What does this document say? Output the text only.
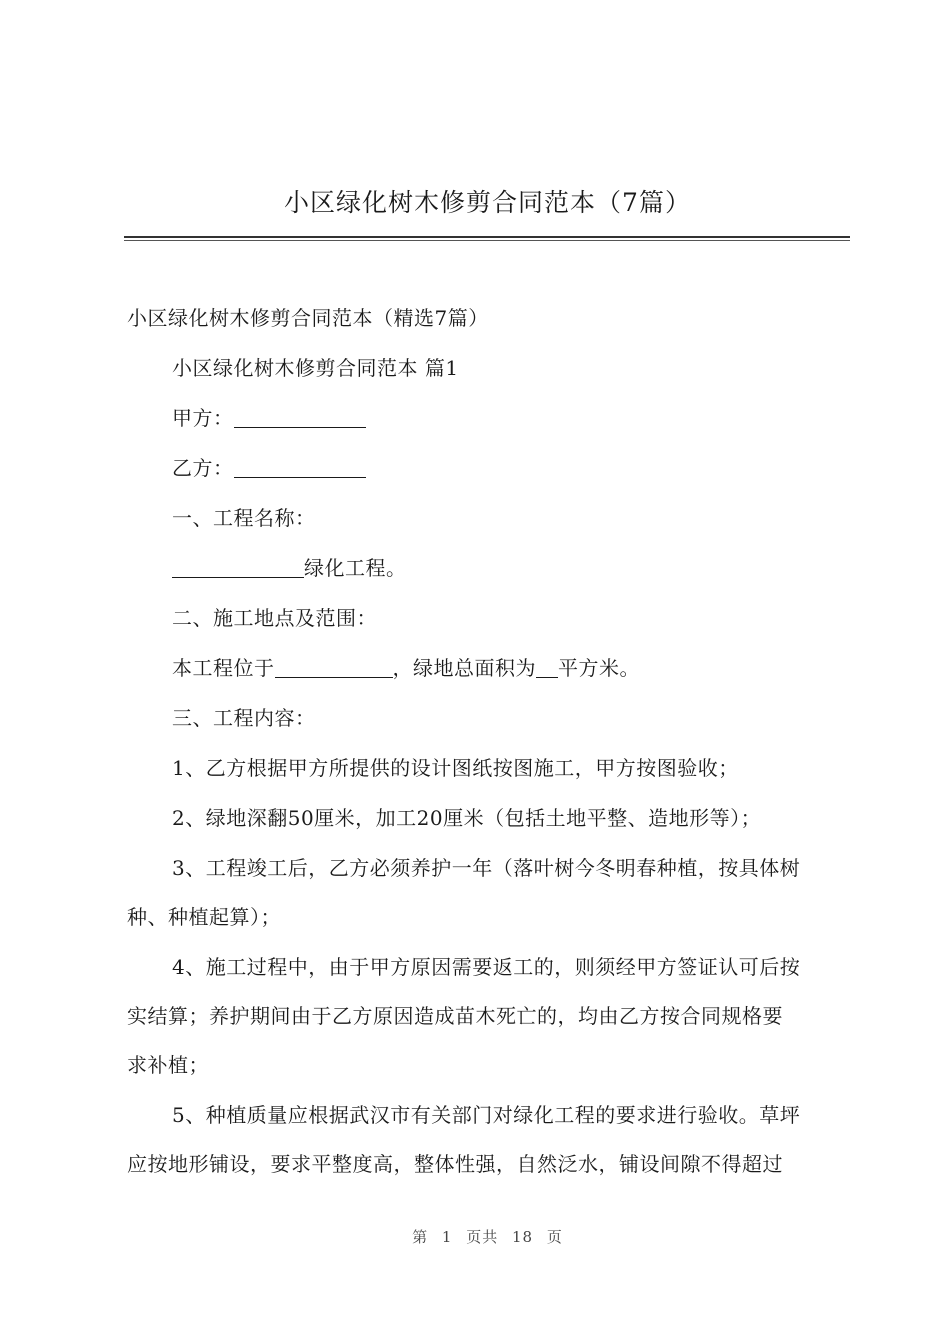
小区绿化树木修剪合同范本（7篇）
小区绿化树木修剪合同范本（精选7篇）
小区绿化树木修剪合同范本 篇1
甲方：
乙方：
一、工程名称：
绿化工程。
二、施工地点及范围：
本工程位于	，绿地总面积为 平方米。
三、工程内容：
1、乙方根据甲方所提供的设计图纸按图施工，甲方按图验收；
2、绿地深翻50厘米，加工20厘米（包括土地平整、造地形等）；
3、工程竣工后，乙方必须养护一年（落叶树今冬明春种植，按具体树
种、种植起算）；
4、施工过程中，由于甲方原因需要返工的，则须经甲方签证认可后按
实结算；养护期间由于乙方原因造成苗木死亡的，均由乙方按合同规格要
求补植；
5、种植质量应根据武汉市有关部门对绿化工程的要求进行验收。草坪
应按地形铺设，要求平整度高，整体性强，自然泛水，铺设间隙不得超过
第 1 页共 18 页
